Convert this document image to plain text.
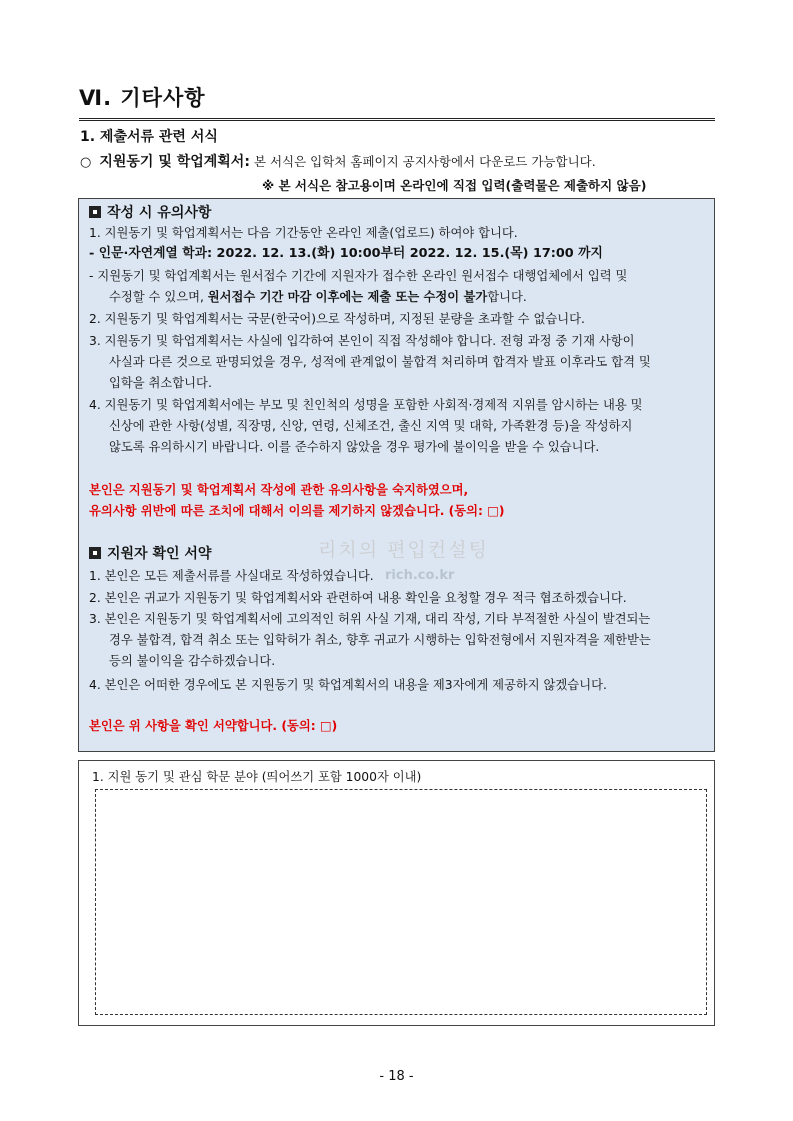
Ⅵ. 기타사항
1. 제출서류 관련 서식
○ 지원동기 및 학업계획서: 본 서식은 입학처 홈페이지 공지사항에서 다운로드 가능합니다.
※ 본 서식은 참고용이며 온라인에 직접 입력(출력물은 제출하지 않음)
작성 시 유의사항
1. 지원동기 및 학업계획서는 다음 기간동안 온라인 제출(업로드) 하여야 합니다.
- 인문·자연계열 학과: 2022. 12. 13.(화) 10:00부터 2022. 12. 15.(목) 17:00 까지
- 지원동기 및 학업계획서는 원서접수 기간에 지원자가 접수한 온라인 원서접수 대행업체에서 입력 및
수정할 수 있으며, 원서접수 기간 마감 이후에는 제출 또는 수정이 불가합니다.
2. 지원동기 및 학업계획서는 국문(한국어)으로 작성하며, 지정된 분량을 초과할 수 없습니다.
3. 지원동기 및 학업계획서는 사실에 입각하여 본인이 직접 작성해야 합니다. 전형 과정 중 기재 사항이
사실과 다른 것으로 판명되었을 경우, 성적에 관계없이 불합격 처리하며 합격자 발표 이후라도 합격 및
입학을 취소합니다.
4. 지원동기 및 학업계획서에는 부모 및 친인척의 성명을 포함한 사회적·경제적 지위를 암시하는 내용 및
신상에 관한 사항(성별, 직장명, 신앙, 연령, 신체조건, 출신 지역 및 대학, 가족환경 등)을 작성하지
않도록 유의하시기 바랍니다. 이를 준수하지 않았을 경우 평가에 불이익을 받을 수 있습니다.
본인은 지원동기 및 학업계획서 작성에 관한 유의사항을 숙지하였으며,
유의사항 위반에 따른 조치에 대해서 이의를 제기하지 않겠습니다. (동의: □)
지원자 확인 서약
1. 본인은 모든 제출서류를 사실대로 작성하였습니다.
2. 본인은 귀교가 지원동기 및 학업계획서와 관련하여 내용 확인을 요청할 경우 적극 협조하겠습니다.
3. 본인은 지원동기 및 학업계획서에 고의적인 허위 사실 기재, 대리 작성, 기타 부적절한 사실이 발견되는
경우 불합격, 합격 취소 또는 입학허가 취소, 향후 귀교가 시행하는 입학전형에서 지원자격을 제한받는
등의 불이익을 감수하겠습니다.
4. 본인은 어떠한 경우에도 본 지원동기 및 학업계획서의 내용을 제3자에게 제공하지 않겠습니다.
본인은 위 사항을 확인 서약합니다. (동의: □)
리치의 편입컨설팅
rich.co.kr
1. 지원 동기 및 관심 학문 분야 (띄어쓰기 포함 1000자 이내)
- 18 -
